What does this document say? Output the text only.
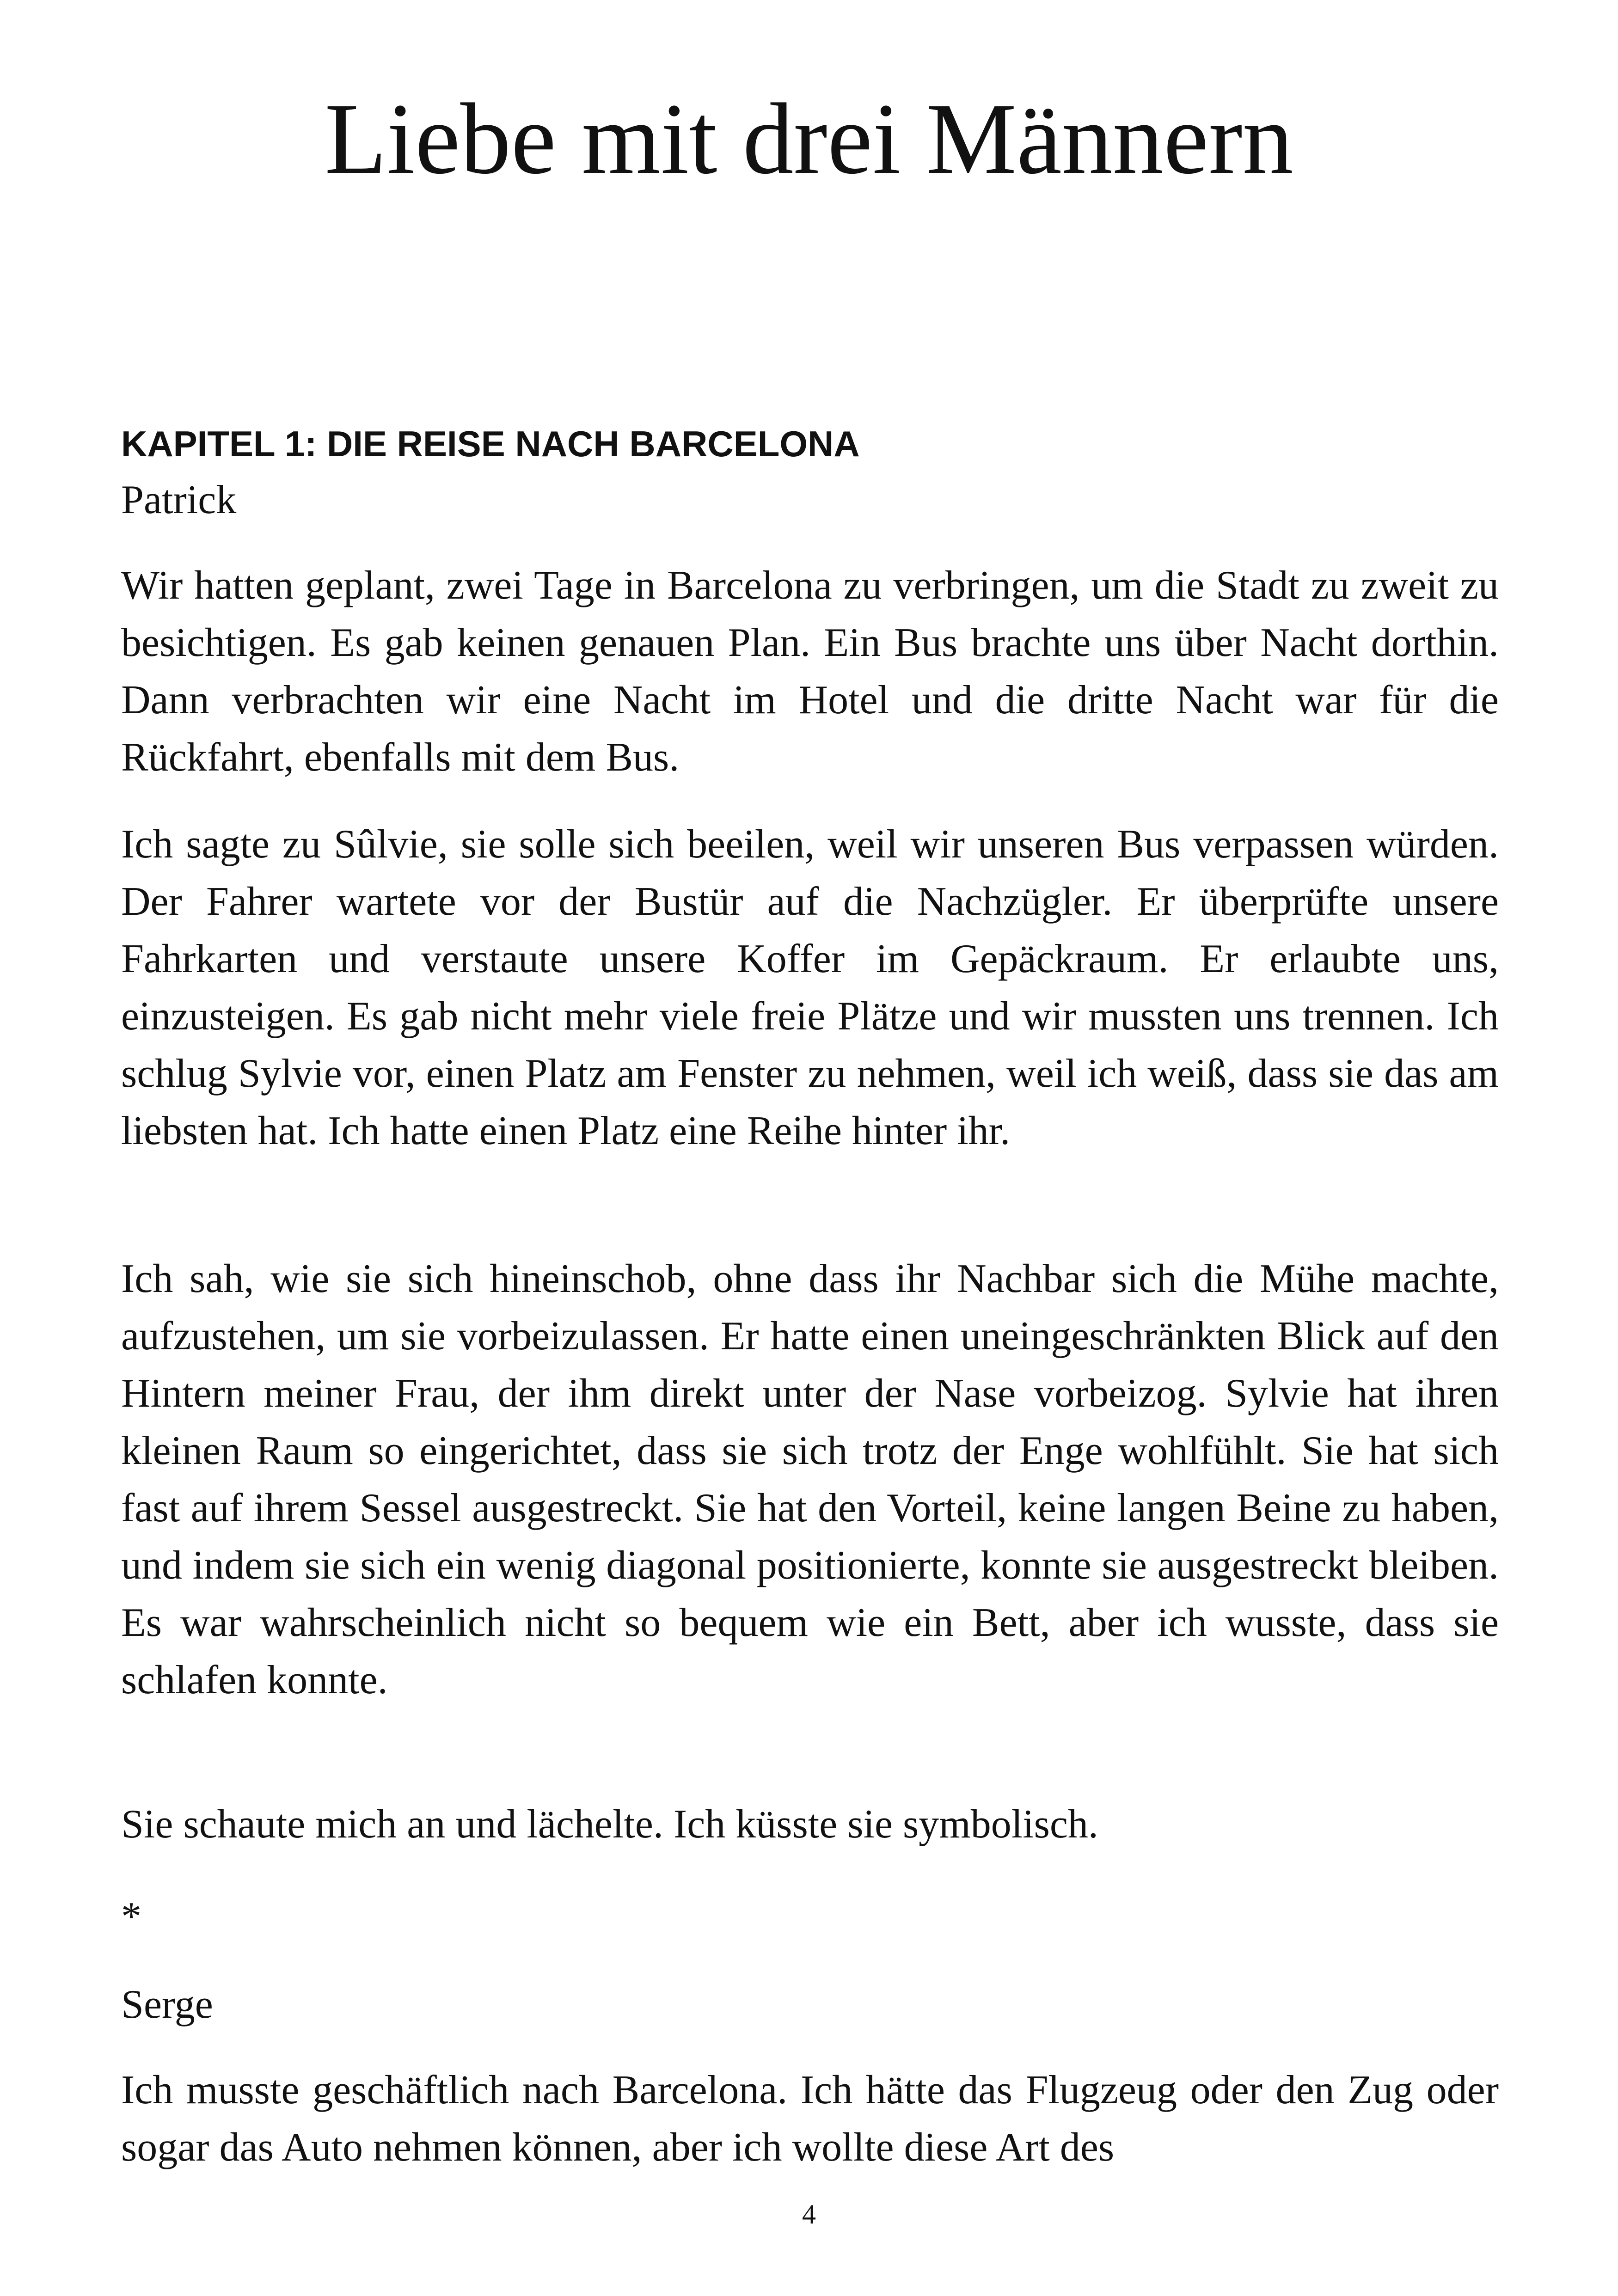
Liebe mit drei Männern
KAPITEL 1: DIE REISE NACH BARCELONA

Patrick

Wir hatten geplant, zwei Tage in Barcelona zu verbringen, um die Stadt zu zweit zu besichtigen. Es gab keinen genauen Plan. Ein Bus brachte uns über Nacht dorthin. Dann verbrachten wir eine Nacht im Hotel und die dritte Nacht war für die Rückfahrt, ebenfalls mit dem Bus.

Ich sagte zu Sûlvie, sie solle sich beeilen, weil wir unseren Bus verpassen würden. Der Fahrer wartete vor der Bustür auf die Nachzügler. Er überprüfte unsere Fahrkarten und verstaute unsere Koffer im Gepäckraum. Er erlaubte uns, einzusteigen. Es gab nicht mehr viele freie Plätze und wir mussten uns trennen. Ich schlug Sylvie vor, einen Platz am Fenster zu nehmen, weil ich weiß, dass sie das am liebsten hat. Ich hatte einen Platz eine Reihe hinter ihr.

Ich sah, wie sie sich hineinschob, ohne dass ihr Nachbar sich die Mühe machte, aufzustehen, um sie vorbeizulassen. Er hatte einen uneingeschränkten Blick auf den Hintern meiner Frau, der ihm direkt unter der Nase vorbeizog. Sylvie hat ihren kleinen Raum so eingerichtet, dass sie sich trotz der Enge wohlfühlt. Sie hat sich fast auf ihrem Sessel ausgestreckt. Sie hat den Vorteil, keine langen Beine zu haben, und indem sie sich ein wenig diagonal positionierte, konnte sie ausgestreckt bleiben. Es war wahrscheinlich nicht so bequem wie ein Bett, aber ich wusste, dass sie schlafen konnte.

Sie schaute mich an und lächelte. Ich küsste sie symbolisch.

*

Serge

Ich musste geschäftlich nach Barcelona. Ich hätte das Flugzeug oder den Zug oder sogar das Auto nehmen können, aber ich wollte diese Art des

4
